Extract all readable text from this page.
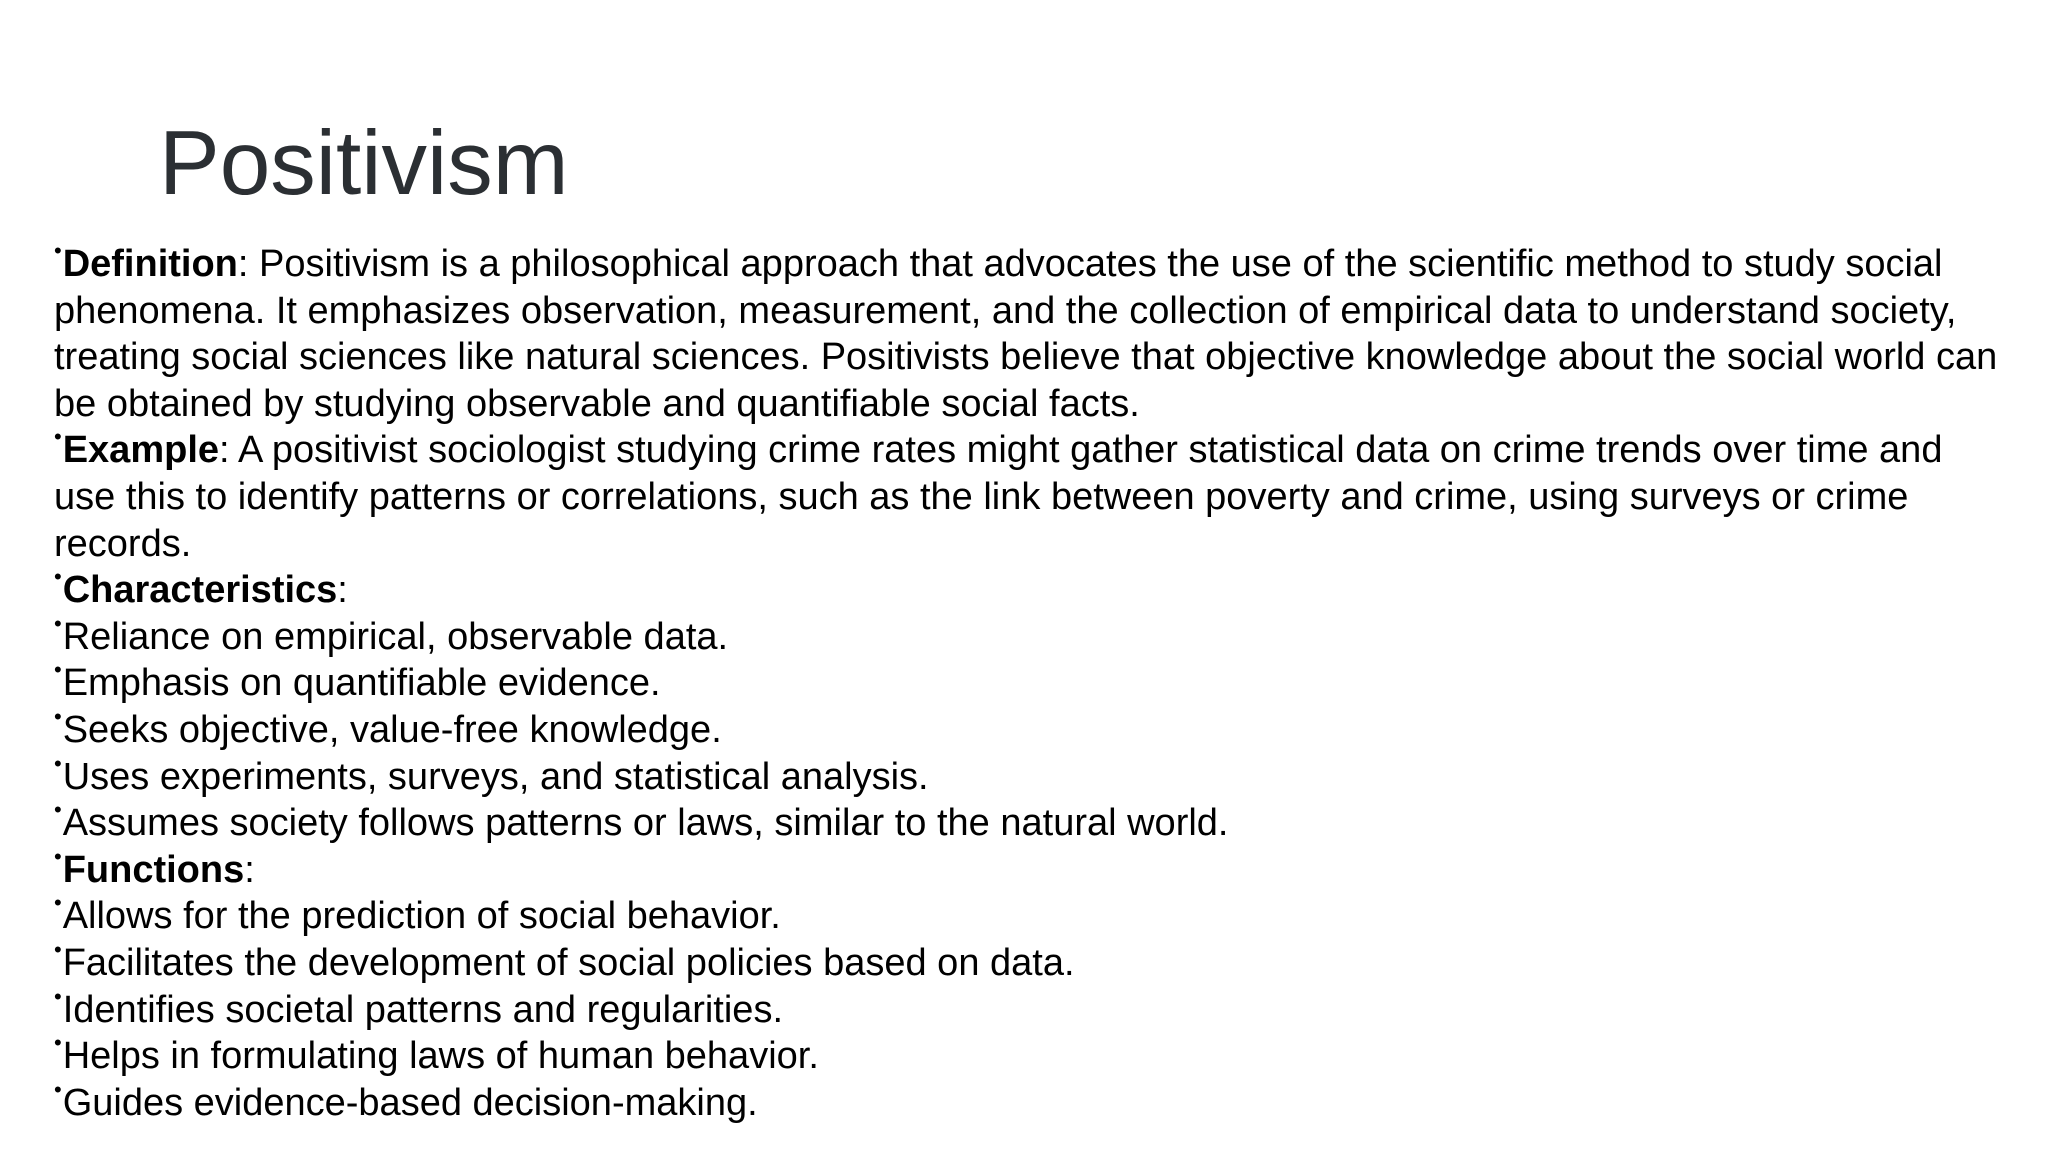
Positivism

•Definition: Positivism is a philosophical approach that advocates the use of the scientific method to study social phenomena. It emphasizes observation, measurement, and the collection of empirical data to understand society, treating social sciences like natural sciences. Positivists believe that objective knowledge about the social world can be obtained by studying observable and quantifiable social facts.

•Example: A positivist sociologist studying crime rates might gather statistical data on crime trends over time and use this to identify patterns or correlations, such as the link between poverty and crime, using surveys or crime records.

•Characteristics:

•Reliance on empirical, observable data.

•Emphasis on quantifiable evidence.

•Seeks objective, value-free knowledge.

•Uses experiments, surveys, and statistical analysis.

•Assumes society follows patterns or laws, similar to the natural world.

•Functions:

•Allows for the prediction of social behavior.

•Facilitates the development of social policies based on data.

•Identifies societal patterns and regularities.

•Helps in formulating laws of human behavior.

•Guides evidence-based decision-making.
